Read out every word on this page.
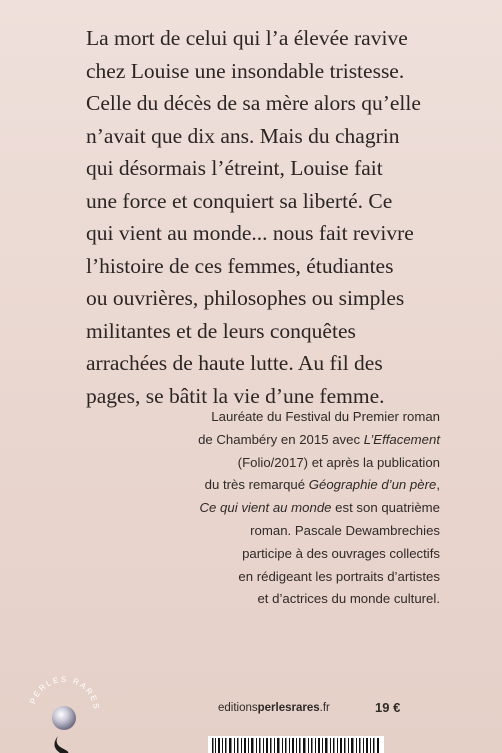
La mort de celui qui l’a élevée ravive
chez Louise une insondable tristesse.
Celle du décès de sa mère alors qu’elle
n’avait que dix ans. Mais du chagrin
qui désormais l’étreint, Louise fait
une force et conquiert sa liberté. Ce
qui vient au monde... nous fait revivre
l’histoire de ces femmes, étudiantes
ou ouvrières, philosophes ou simples
militantes et de leurs conquêtes
arrachées de haute lutte. Au fil des
pages, se bâtit la vie d’une femme.
Lauréate du Festival du Premier roman
de Chambéry en 2015 avec L’Effacement
(Folio/2017) et après la publication
du très remarqué Géographie d’un père,
Ce qui vient au monde est son quatrième
roman. Pascale Dewambrechies
participe à des ouvrages collectifs
en rédigeant les portraits d’artistes
et d’actrices du monde culturel.
PERLES RARES	editionsperlesrares.fr	19 €
